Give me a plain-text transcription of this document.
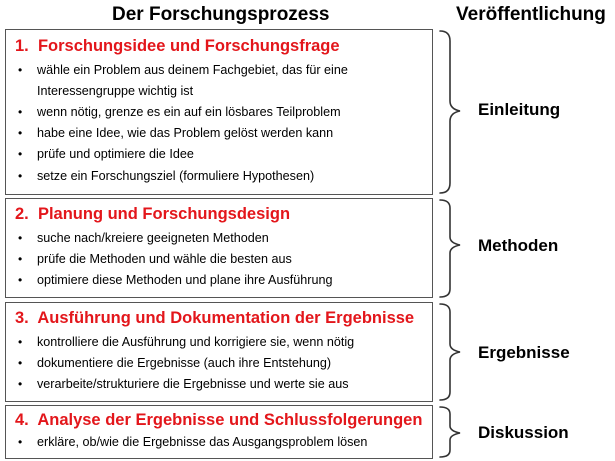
Der Forschungsprozess	Veröffentlichung
1. Forschungsidee und Forschungsfrage
• wähle ein Problem aus deinem Fachgebiet, das für eine Interessengruppe wichtig ist
• wenn nötig, grenze es ein auf ein lösbares Teilproblem
• habe eine Idee, wie das Problem gelöst werden kann
• prüfe und optimiere die Idee
• setze ein Forschungsziel (formuliere Hypothesen)
2. Planung und Forschungsdesign
• suche nach/kreiere geeigneten Methoden
• prüfe die Methoden und wähle die besten aus
• optimiere diese Methoden und plane ihre Ausführung
3. Ausführung und Dokumentation der Ergebnisse
• kontrolliere die Ausführung und korrigiere sie, wenn nötig
• dokumentiere die Ergebnisse (auch ihre Entstehung)
• verarbeite/strukturiere die Ergebnisse und werte sie aus
4. Analyse der Ergebnisse und Schlussfolgerungen
• erkläre, ob/wie die Ergebnisse das Ausgangsproblem lösen
Einleitung
Methoden
Ergebnisse
Diskussion
